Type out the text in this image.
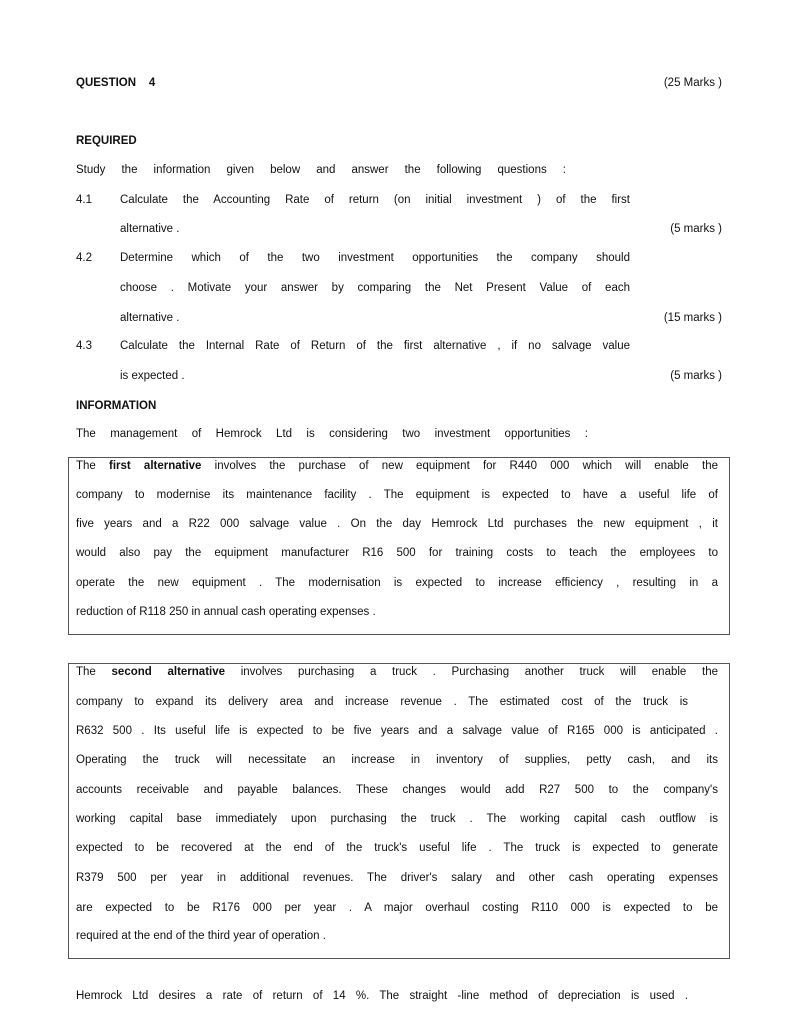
QUESTION    4	(25 Marks )
REQUIRED
Study the information given below and answer the following questions :
4.1 Calculate the Accounting Rate of return (on initial investment ) of the first
alternative .	(5 marks )
4.2 Determine which of the two investment opportunities the company should
choose . Motivate your answer by comparing the Net Present Value of each
alternative .	(15 marks )
4.3 Calculate the Internal Rate of Return of the first alternative , if no salvage value
is expected .	(5 marks )
INFORMATION
The management of Hemrock Ltd is considering two investment opportunities :
The first alternative involves the purchase of new equipment for R440 000 which will enable the
company to modernise its maintenance facility . The equipment is expected to have a useful life of
five years and a R22 000 salvage value . On the day Hemrock Ltd purchases the new equipment , it
would also pay the equipment manufacturer R16 500 for training costs to teach the employees to
operate the new equipment . The modernisation is expected to increase efficiency , resulting in a
reduction of R118 250 in annual cash operating expenses .
The second alternative involves purchasing a truck . Purchasing another truck will enable the
company to expand its delivery area and increase revenue . The estimated cost of the truck is
R632 500 . Its useful life is expected to be five years and a salvage value of R165 000 is anticipated .
Operating the truck will necessitate an increase in inventory of supplies, petty cash, and its
accounts receivable and payable balances. These changes would add R27 500 to the company's
working capital base immediately upon purchasing the truck . The working capital cash outflow is
expected to be recovered at the end of the truck's useful life . The truck is expected to generate
R379 500 per year in additional revenues. The driver's salary and other cash operating expenses
are expected to be R176 000 per year . A major overhaul costing R110 000 is expected to be
required at the end of the third year of operation .
Hemrock Ltd desires a rate of return of 14 %. The straight -line method of depreciation is used .
